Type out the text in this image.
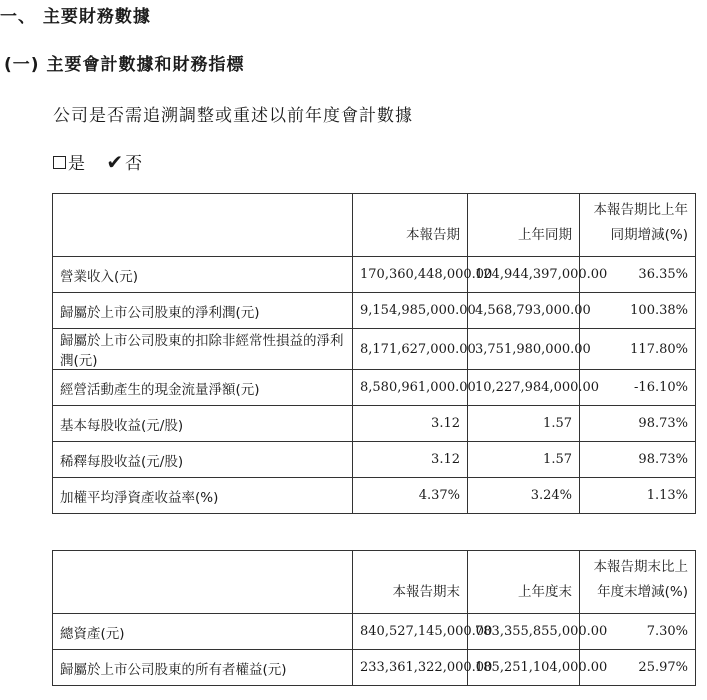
一、 主要財務數據
(一) 主要會計數據和財務指標
公司是否需追溯調整或重述以前年度會計數據
是 ✔ 否
	本報告期	上年同期	本報告期比上年同期增減(%)
營業收入(元)	170,360,448,000.00	124,944,397,000.00	36.35%
歸屬於上市公司股東的淨利潤(元)	9,154,985,000.00	4,568,793,000.00	100.38%
歸屬於上市公司股東的扣除非經常性損益的淨利潤(元)	8,171,627,000.00	3,751,980,000.00	117.80%
經營活動產生的現金流量淨額(元)	8,580,961,000.00	10,227,984,000.00	-16.10%
基本每股收益(元/股)	3.12	1.57	98.73%
稀釋每股收益(元/股)	3.12	1.57	98.73%
加權平均淨資產收益率(%)	4.37%	3.24%	1.13%
	本報告期末	上年度末	本報告期末比上年度末增減(%)
總資產(元)	840,527,145,000.00	783,355,855,000.00	7.30%
歸屬於上市公司股東的所有者權益(元)	233,361,322,000.00	185,251,104,000.00	25.97%
